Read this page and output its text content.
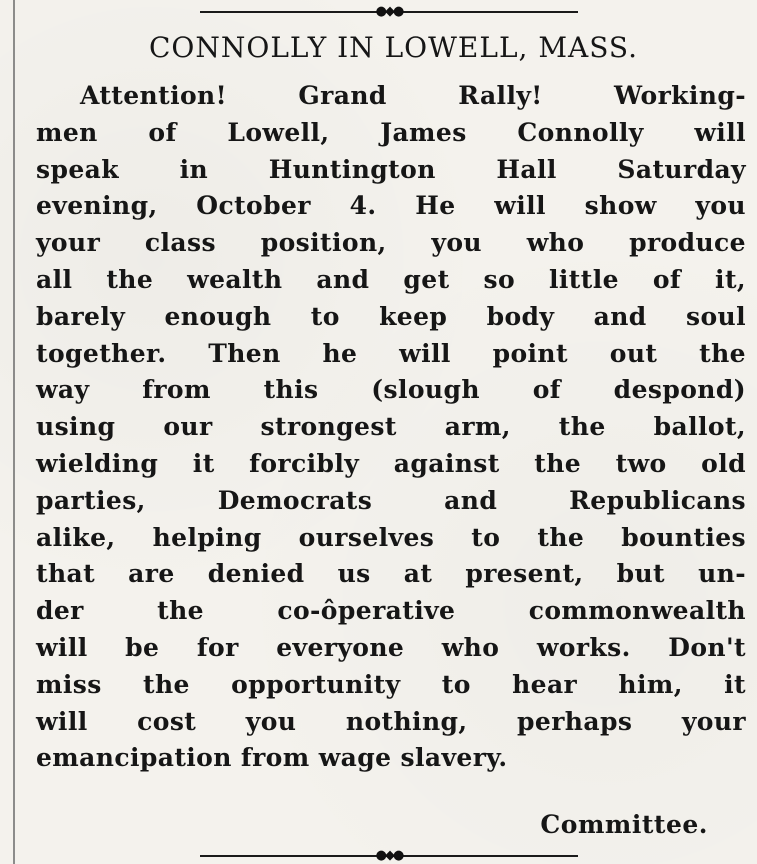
●◆●
CONNOLLY IN LOWELL, MASS.
Attention! Grand Rally! Working-
men of Lowell, James Connolly will
speak in Huntington Hall Saturday
evening, October 4. He will show you
your class position, you who produce
all the wealth and get so little of it,
barely enough to keep body and soul
together. Then he will point out the
way from this (slough of despond)
using our strongest arm, the ballot,
wielding it forcibly against the two old
parties, Democrats and Republicans
alike, helping ourselves to the bounties
that are denied us at present, but un-
der the co-ôperative commonwealth
will be for everyone who works. Don't
miss the opportunity to hear him, it
will cost you nothing, perhaps your
emancipation from wage slavery.
Committee.
●◆●
